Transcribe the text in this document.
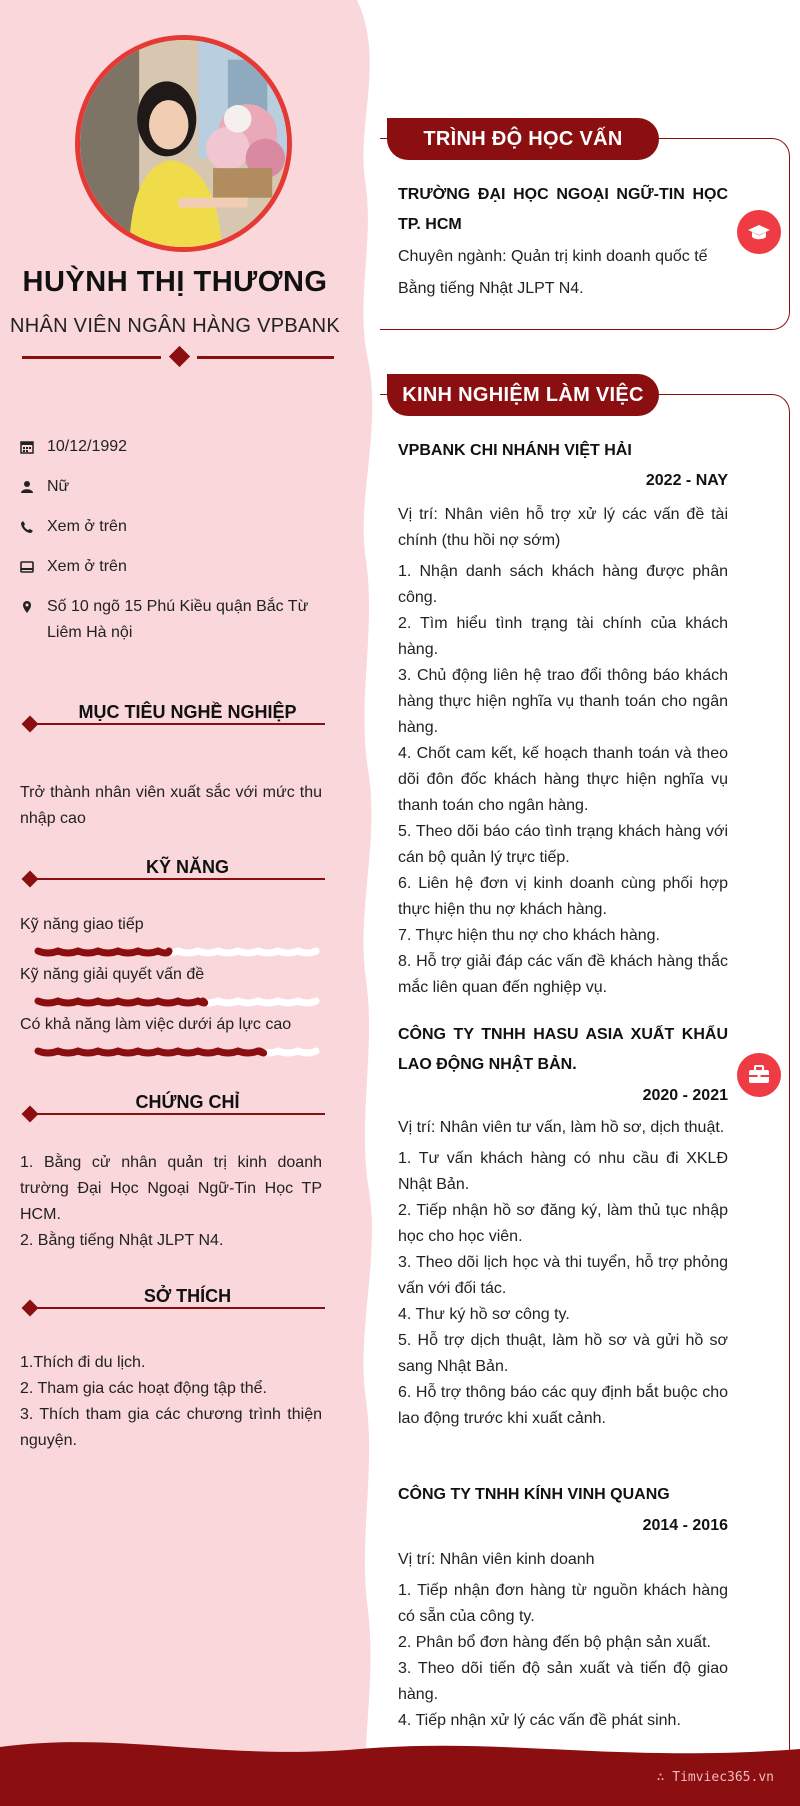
HUỲNH THỊ THƯƠNG
NHÂN VIÊN NGÂN HÀNG VPBANK
10/12/1992
Nữ
Xem ở trên
Xem ở trên
Số 10 ngõ 15 Phú Kiều quận Bắc Từ Liêm Hà nội
MỤC TIÊU NGHỀ NGHIỆP
Trở thành nhân viên xuất sắc với mức thu nhập cao
KỸ NĂNG
Kỹ năng giao tiếp
Kỹ năng giải quyết vấn đề
Có khả năng làm việc dưới áp lực cao
CHỨNG CHỈ
1. Bằng cử nhân quản trị kinh doanh trường Đại Học Ngoại Ngữ-Tin Học TP HCM.
2. Bằng tiếng Nhật JLPT N4.
SỞ THÍCH
1.Thích đi du lịch.
2. Tham gia các hoạt động tập thể.
3. Thích tham gia các chương trình thiện nguyện.
TRÌNH ĐỘ HỌC VẤN
TRƯỜNG ĐẠI HỌC NGOẠI NGỮ-TIN HỌC TP. HCM
Chuyên ngành: Quản trị kinh doanh quốc tế
Bằng tiếng Nhật JLPT N4.
KINH NGHIỆM LÀM VIỆC
VPBANK CHI NHÁNH VIỆT HẢI
2022 - NAY
Vị trí: Nhân viên hỗ trợ xử lý các vấn đề tài chính (thu hồi nợ sớm)
1. Nhận danh sách khách hàng được phân công.
2. Tìm hiểu tình trạng tài chính của khách hàng.
3. Chủ động liên hệ trao đổi thông báo khách hàng thực hiện nghĩa vụ thanh toán cho ngân hàng.
4. Chốt cam kết, kế hoạch thanh toán và theo dõi đôn đốc khách hàng thực hiện nghĩa vụ thanh toán cho ngân hàng.
5. Theo dõi báo cáo tình trạng khách hàng với cán bộ quản lý trực tiếp.
6. Liên hệ đơn vị kinh doanh cùng phối hợp thực hiện thu nợ khách hàng.
7. Thực hiện thu nợ cho khách hàng.
8. Hỗ trợ giải đáp các vấn đề khách hàng thắc mắc liên quan đến nghiệp vụ.
CÔNG TY TNHH HASU ASIA XUẤT KHẨU LAO ĐỘNG NHẬT BẢN.
2020 - 2021
Vị trí: Nhân viên tư vấn, làm hồ sơ, dịch thuật.
1. Tư vấn khách hàng có nhu cầu đi XKLĐ Nhật Bản.
2. Tiếp nhận hồ sơ đăng ký, làm thủ tục nhập học cho học viên.
3. Theo dõi lịch học và thi tuyển, hỗ trợ phỏng vấn với đối tác.
4. Thư ký hồ sơ công ty.
5. Hỗ trợ dịch thuật, làm hồ sơ và gửi hồ sơ sang Nhật Bản.
6. Hỗ trợ thông báo các quy định bắt buộc cho lao động trước khi xuất cảnh.
CÔNG TY TNHH KÍNH VINH QUANG
2014 - 2016
Vị trí: Nhân viên kinh doanh
1. Tiếp nhận đơn hàng từ nguồn khách hàng có sẵn của công ty.
2. Phân bổ đơn hàng đến bộ phận sản xuất.
3. Theo dõi tiến độ sản xuất và tiến độ giao hàng.
4. Tiếp nhận xử lý các vấn đề phát sinh.
∴ Timviec365.vn
